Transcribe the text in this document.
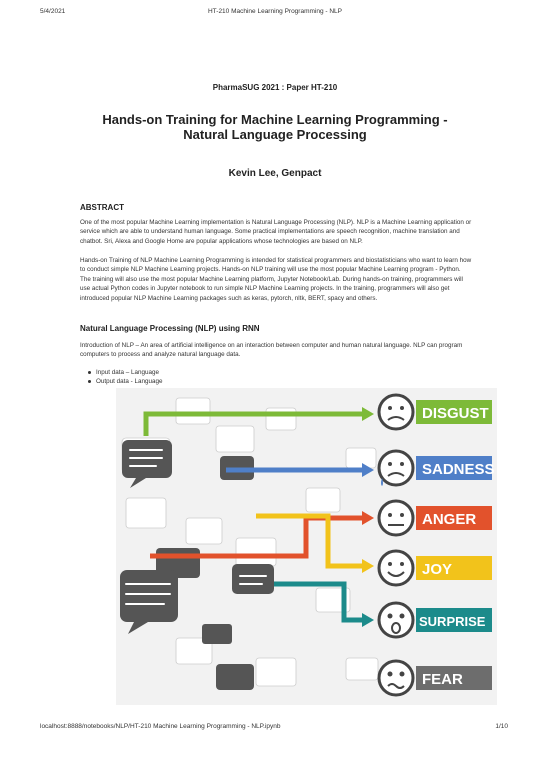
5/4/2021	HT-210 Machine Learning Programming - NLP
PharmaSUG 2021 : Paper HT-210
Hands-on Training for Machine Learning Programming - Natural Language Processing
Kevin Lee, Genpact
ABSTRACT
One of the most popular Machine Learning implementation is Natural Language Processing (NLP). NLP is a Machine Learning application or service which are able to understand human language. Some practical implementations are speech recognition, machine translation and chatbot. Sri, Alexa and Google Home are popular applications whose technologies are based on NLP.
Hands-on Training of NLP Machine Learning Programming is intended for statistical programmers and biostatisticians who want to learn how to conduct simple NLP Machine Learning projects. Hands-on NLP training will use the most popular Machine Learning program - Python. The training will also use the most popular Machine Learning platform, Jupyter Notebook/Lab. During hands-on training, programmers will use actual Python codes in Jupyter notebook to run simple NLP Machine Learning projects. In the training, programmers will also get introduced popular NLP Machine Learning packages such as keras, pytorch, nltk, BERT, spacy and others.
Natural Language Processing (NLP) using RNN
Introduction of NLP – An area of artificial intelligence on an interaction between computer and human natural language. NLP can program computers to process and analyze natural language data.
Input data – Language
Output data - Language
DISGUST
SADNESS
ANGER
JOY
SURPRISE
FEAR
localhost:8888/notebooks/NLP/HT-210 Machine Learning Programming - NLP.ipynb	1/10
